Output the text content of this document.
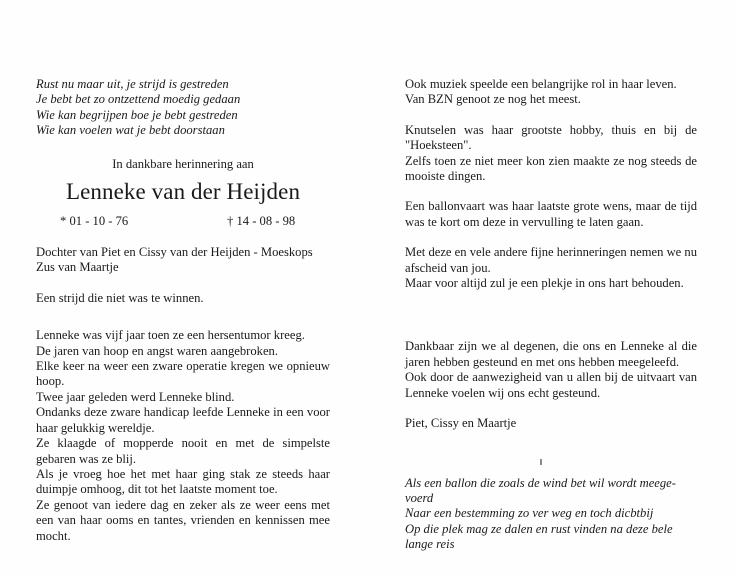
Rust nu maar uit, je strijd is gestreden
Je bebt bet zo ontzettend moedig gedaan
Wie kan begrijpen boe je bebt gestreden
Wie kan voelen wat je bebt doorstaan
In dankbare herinnering aan
Lenneke van der Heijden
* 01 - 10 - 76	† 14 - 08 - 98

Dochter van Piet en Cissy van der Heijden - Moeskops

Zus van Maartje

Een strijd die niet was te winnen.

Lenneke was vijf jaar toen ze een hersentumor kreeg.

De jaren van hoop en angst waren aangebroken.

Elke keer na weer een zware operatie kregen we opnieuw hoop.

Twee jaar geleden werd Lenneke blind.

Ondanks deze zware handicap leefde Lenneke in een voor haar gelukkig wereldje.

Ze klaagde of mopperde nooit en met de simpelste gebaren was ze blij.

Als je vroeg hoe het met haar ging stak ze steeds haar duimpje omhoog, dit tot het laatste moment toe.

Ze genoot van iedere dag en zeker als ze weer eens met een van haar ooms en tantes, vrienden en kennissen mee mocht.

Ook muziek speelde een belangrijke rol in haar leven.

Van BZN genoot ze nog het meest.

Knutselen was haar grootste hobby, thuis en bij de "Hoeksteen".

Zelfs toen ze niet meer kon zien maakte ze nog steeds de mooiste dingen.

Een ballonvaart was haar laatste grote wens, maar de tijd was te kort om deze in vervulling te laten gaan.

Met deze en vele andere fijne herinneringen nemen we nu afscheid van jou.

Maar voor altijd zul je een plekje in ons hart behouden.

Dankbaar zijn we al degenen, die ons en Lenneke al die jaren hebben gesteund en met ons hebben meegeleefd.

Ook door de aanwezigheid van u allen bij de uitvaart van Lenneke voelen wij ons echt gesteund.

Piet, Cissy en Maartje

Als een ballon die zoals de wind bet wil wordt meege-
voerd
Naar een bestemming zo ver weg en toch dicbtbij
Op die plek mag ze dalen en rust vinden na deze bele
lange reis
